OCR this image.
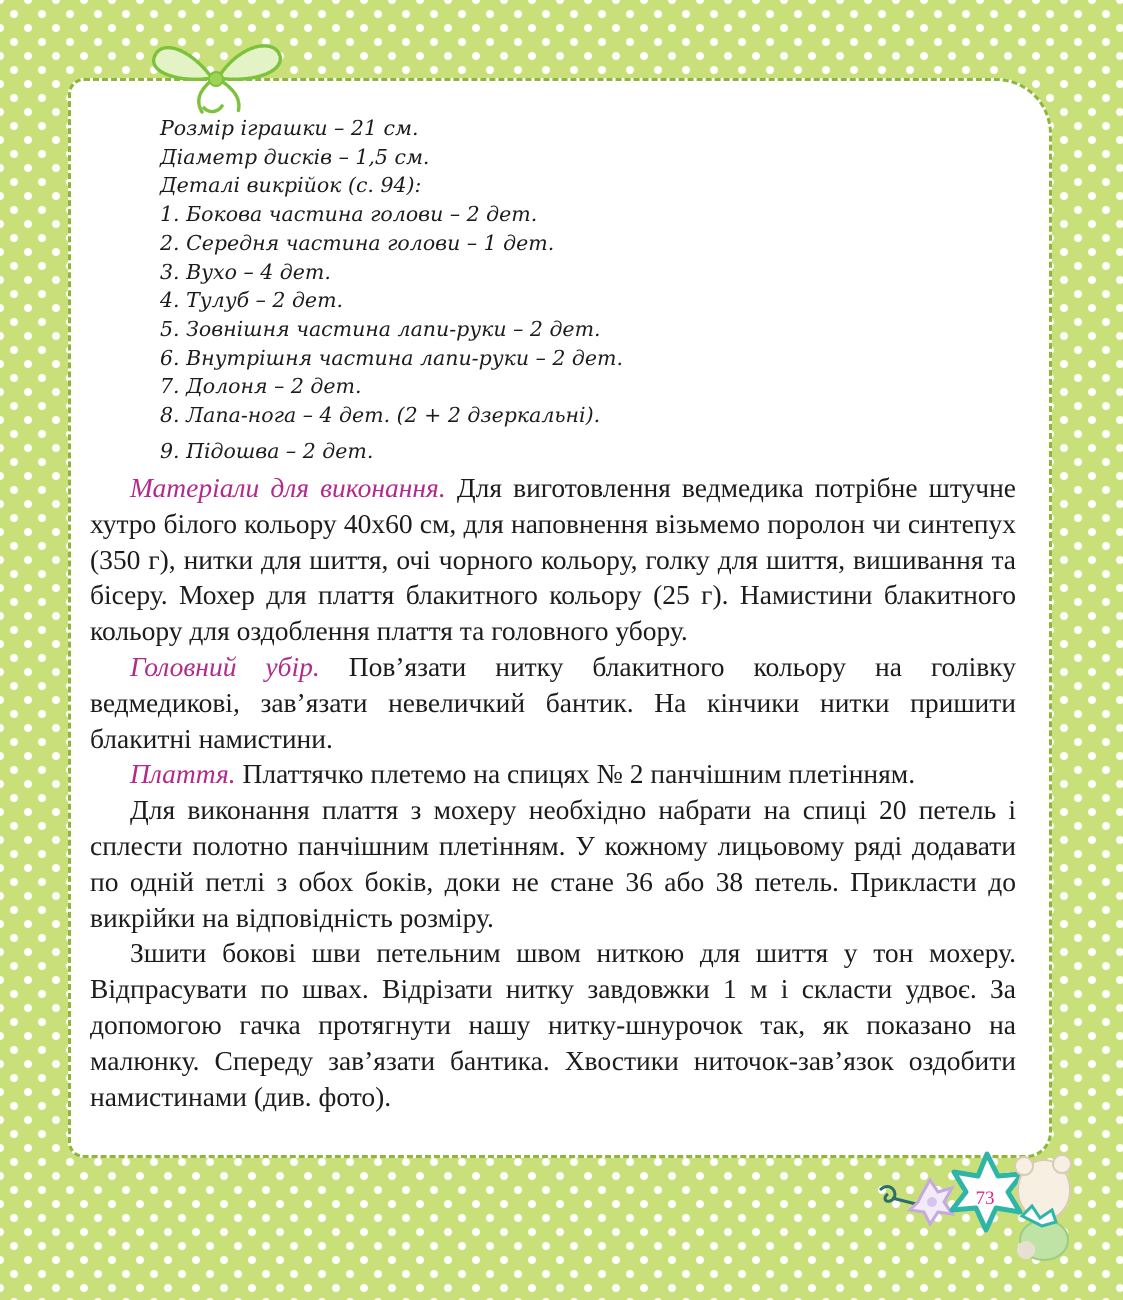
Розмір іграшки – 21 см.
Діаметр дисків – 1,5 см.
Деталі викрійок (с. 94):
1. Бокова частина голови – 2 дет.
2. Середня частина голови – 1 дет.
3. Вухо – 4 дет.
4. Тулуб – 2 дет.
5. Зовнішня частина лапи-руки – 2 дет.
6. Внутрішня частина лапи-руки – 2 дет.
7. Долоня – 2 дет.
8. Лапа-нога – 4 дет. (2 + 2 дзеркальні).
9. Підошва – 2 дет.

Матеріали для виконання. Для виготовлення ведмедика потрібне штучне хутро білого кольору 40х60 см, для наповнення візьмемо поролон чи синтепух (350 г), нитки для шиття, очі чорного кольору, голку для шиття, вишивання та бісеру. Мохер для плаття блакитного кольору (25 г). Намистини блакитного кольору для оздоблення плаття та головного убору.

Головний убір. Пов’язати нитку блакитного кольору на голівку ведмедикові, зав’язати невеличкий бантик. На кінчики нитки пришити блакитні намистини.

Плаття. Платтячко плетемо на спицях № 2 панчішним плетінням.

Для виконання плаття з мохеру необхідно набрати на спиці 20 петель і сплести полотно панчішним плетінням. У кожному лицьовому ряді додавати по одній петлі з обох боків, доки не стане 36 або 38 петель. Прикласти до викрійки на відповідність розміру.

Зшити бокові шви петельним швом ниткою для шиття у тон мохеру. Відпрасувати по швах. Відрізати нитку завдовжки 1 м і скласти удвоє. За допомогою гачка протягнути нашу нитку-шнурочок так, як показано на малюнку. Спереду зав’язати бантика. Хвостики ниточок-зав’язок оздобити намистинами (див. фото).

73
